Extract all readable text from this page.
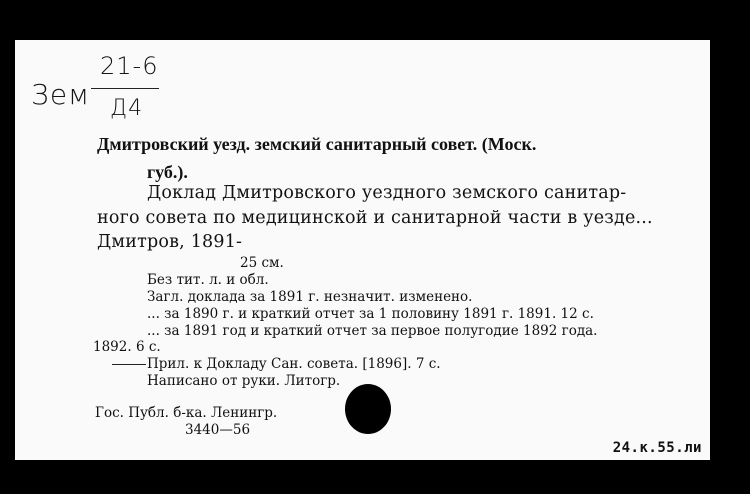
Зем
21-6
Д4
Дмитровский уезд. земский санитарный совет. (Моск.
губ.).
Доклад Дмитровского уездного земского санитар-
ного совета по медицинской и санитарной части в уезде...
Дмитров, 1891-
25 см.
Без тит. л. и обл.
Загл. доклада за 1891 г. незначит. изменено.
... за 1890 г. и краткий отчет за 1 половину 1891 г. 1891. 12 с.
... за 1891 год и краткий отчет за первое полугодие 1892 года.
1892. 6 с.
Прил. к Докладу Сан. совета. [1896]. 7 с.
Написано от руки. Литогр.
Гос. Публ. б-ка. Ленингр.
3440—56
24.к.55.ли
